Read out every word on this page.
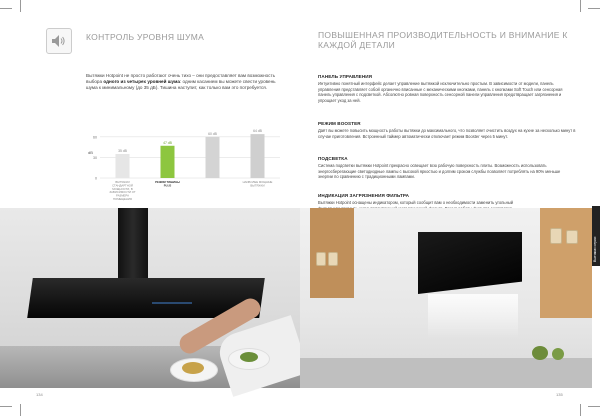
КОНТРОЛЬ УРОВНЯ ШУМА
Вытяжки Hotpoint не просто работают очень тихо – они предоставляет вам возможность выбора одного из четырех уровней шума: одним касанием вы можете свести уровень шума к минимальному (до 35 дБ). Тишина наступит, как только вам это потребуется.
0
30
60
dB	35 dB
ВЫТЯЖКИ СТАНДАРТНОЙ МОЩНОСТИ, В ЗАВИСИМОСТИ ОТ РАЗМЕРА ПОМЕЩЕНИЯ
47 dB
РЕЖИМ ТИШИНЫ PLUS
60 dB
64 dB
НАИБОЛЕЕ МОЩНЫЕ ВЫТЯЖКИ
134
ПОВЫШЕННАЯ ПРОИЗВОДИТЕЛЬНОСТЬ И ВНИМАНИЕ К КАЖДОЙ ДЕТАЛИ
ПАНЕЛЬ УПРАВЛЕНИЯ
Интуитивно понятный интерфейс делает управление вытяжкой исключительно простым. В зависимости от модели, панель управления представляет собой органично вписанные с механическими кнопками, панель с кнопками Soft Touch или сенсорная панель управления с подсветкой. Абсолютно ровная поверхность сенсорной панели управления предотвращает загрязнения и упрощает уход за ней.
РЕЖИМ BOOSTER
Даёт вы можете повысить мощность работы вытяжки до максимального, что позволяет очистить воздух на кухне за несколько минут в случае приготовления. Встроенный таймер автоматически отключает режим Booster через 5 минут.
ПОДСВЕТКА
Система подсветки вытяжки Hotpoint прекрасно освещает всю рабочую поверхность плиты. Возможность использовать энергосберегающие светодиодные лампы с высокой яркостью и долгим сроком службы позволяет потреблять на 90% меньше энергии по сравнению с традиционными лампами.
ИНДИКАЦИЯ ЗАГРЯЗНЕНИЯ ФИЛЬТРА
Вытяжки Hotpoint оснащены индикатором, который сообщит вам о необходимости заменить угольный
Вытяжки серии
135
